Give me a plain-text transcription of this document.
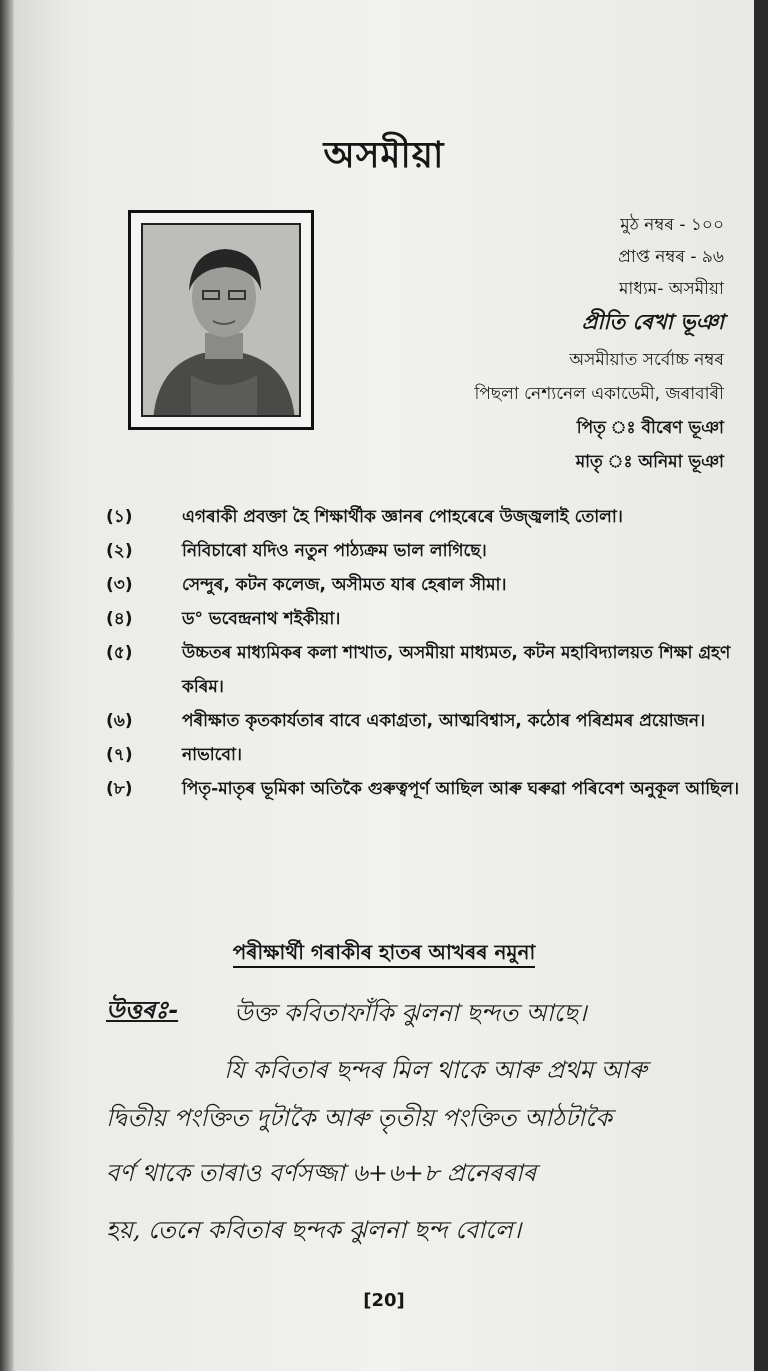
অসমীয়া
মুঠ নম্বৰ - ১০০
প্ৰাপ্ত নম্বৰ - ৯৬
মাধ্যম- অসমীয়া
প্ৰীতি ৰেখা ভূঞা
অসমীয়াত সৰ্বোচ্চ নম্বৰ
পিছলা নেশ্যনেল একাডেমী, জৰাবাৰী
পিতৃ ঃ বীৰেণ ভূঞা
মাতৃ ঃ অনিমা ভূঞা
(১)	এগৰাকী প্ৰবক্তা হৈ শিক্ষাৰ্থীক জ্ঞানৰ পোহৰেৰে উজ্জ্বলাই তোলা।
(২)	নিবিচাৰো যদিও নতুন পাঠ্যক্ৰম ভাল লাগিছে।
(৩)	সেন্দুৰ, কটন কলেজ, অসীমত যাৰ হেৰাল সীমা।
(৪)	ড° ভবেন্দ্ৰনাথ শইকীয়া।
(৫)	উচ্চতৰ মাধ্যমিকৰ কলা শাখাত, অসমীয়া মাধ্যমত, কটন মহাবিদ্যালয়ত শিক্ষা গ্ৰহণ কৰিম।
(৬)	পৰীক্ষাত কৃতকাৰ্যতাৰ বাবে একাগ্ৰতা, আত্মবিশ্বাস, কঠোৰ পৰিশ্ৰমৰ প্ৰয়োজন।
(৭)	নাভাবো।
(৮)	পিতৃ-মাতৃৰ ভূমিকা অতিকৈ গুৰুত্বপূৰ্ণ আছিল আৰু ঘৰুৱা পৰিবেশ অনুকূল আছিল।
পৰীক্ষাৰ্থী গৰাকীৰ হাতৰ আখৰৰ নমুনা
উত্তৰঃ- উক্ত কবিতাফাঁকি ঝুলনা ছন্দত আছে।
যি কবিতাৰ ছন্দৰ মিল থাকে আৰু প্ৰথম আৰু
দ্বিতীয় পংক্তিত দুটাকৈ আৰু তৃতীয় পংক্তিত আঠটাকৈ
বৰ্ণ থাকে তাৰাও বৰ্ণসজ্জা ৬+৬+৮ প্ৰনেৰৰাৰ
হয়, তেনে কবিতাৰ ছন্দক ঝুলনা ছন্দ বোলে।
[20]
